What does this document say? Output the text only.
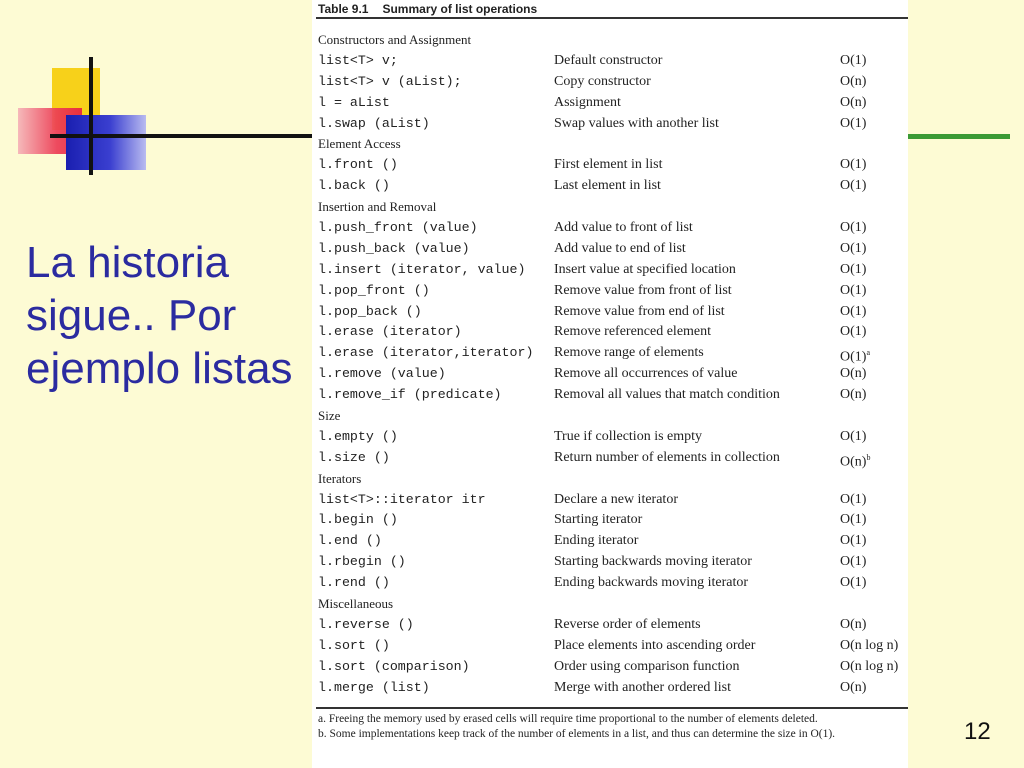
La historia sigue.. Por ejemplo listas
Table 9.1 Summary of list operations
Constructors and Assignment
list<T> v;	Default constructor	O(1)
list<T> v (aList);	Copy constructor	O(n)
l = aList	Assignment	O(n)
l.swap (aList)	Swap values with another list	O(1)
Element Access
l.front ()	First element in list	O(1)
l.back ()	Last element in list	O(1)
Insertion and Removal
l.push_front (value)	Add value to front of list	O(1)
l.push_back (value)	Add value to end of list	O(1)
l.insert (iterator, value) Insert value at specified location	O(1)
l.pop_front ()	Remove value from front of list	O(1)
l.pop_back ()	Remove value from end of list	O(1)
l.erase (iterator)	Remove referenced element	O(1)
l.erase (iterator,iterator) Remove range of elements	$O(1)^a$
l.remove (value)	Remove all occurrences of value	O(n)
l.remove_if (predicate)	Removal all values that match condition	O(n)
Size
l.empty ()	True if collection is empty	O(1)
l.size ()	Return number of elements in collection	$O(n)^b$
Iterators
list<T>::iterator itr	Declare a new iterator	O(1)
l.begin ()	Starting iterator	O(1)
l.end ()	Ending iterator	O(1)
l.rbegin ()	Starting backwards moving iterator	O(1)
l.rend ()	Ending backwards moving iterator	O(1)
Miscellaneous
l.reverse ()	Reverse order of elements	O(n)
l.sort ()	Place elements into ascending order	O(n log n)
l.sort (comparison)	Order using comparison function	O(n log n)
l.merge (list)	Merge with another ordered list	O(n)

a. Freeing the memory used by erased cells will require time proportional to the number of elements deleted.

b. Some implementations keep track of the number of elements in a list, and thus can determine the size in O(1).	12
